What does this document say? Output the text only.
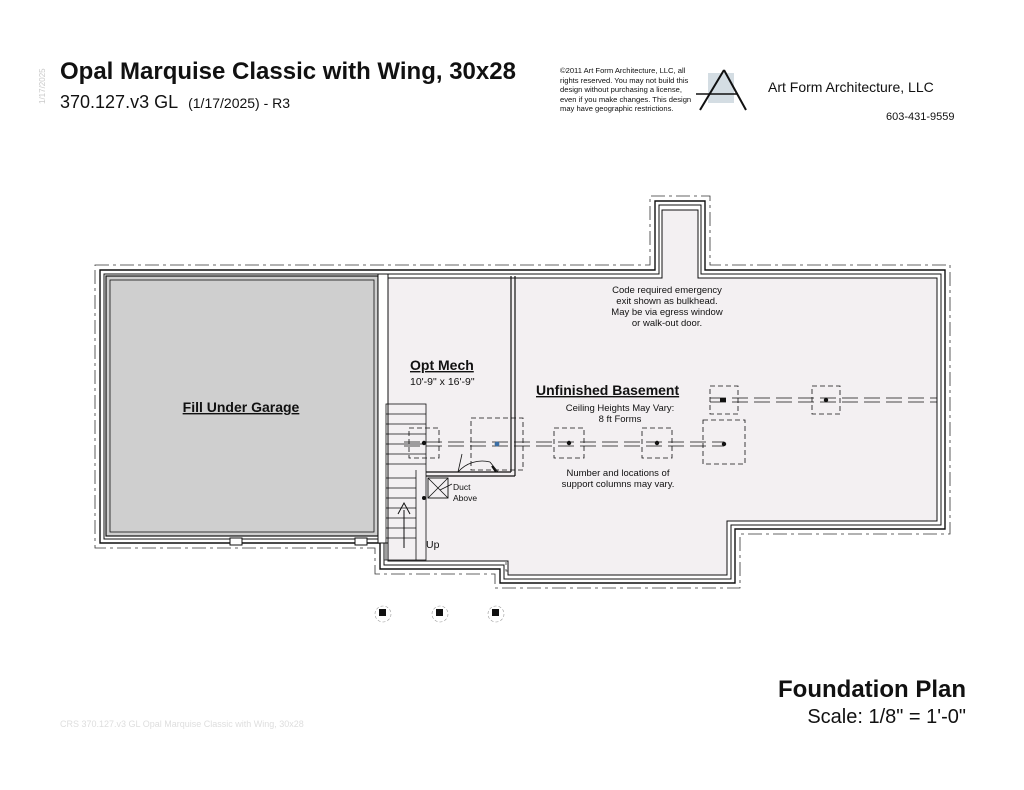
1/17/2025 Opal Marquise Classic with Wing, 30x28
370.127.v3 GL (1/17/2025) - R3
©2011 Art Form Architecture, LLC, all
rights reserved. You may not build this
design without purchasing a license,
even if you make changes. This design
may have geographic restrictions.
Art Form Architecture, LLC
603-431-9559
Fill Under Garage
Opt Mech
10'-9" x 16'-9"	Unfinished Basement
Ceiling Heights May Vary:
8 ft Forms
Code required emergency
exit shown as bulkhead.
May be via egress window
or walk-out door.
Number and locations of
support columns may vary.
Duct
Above
Up
Foundation Plan
Scale: 1/8" = 1'-0"
CRS 370.127.v3 GL Opal Marquise Classic with Wing, 30x28
